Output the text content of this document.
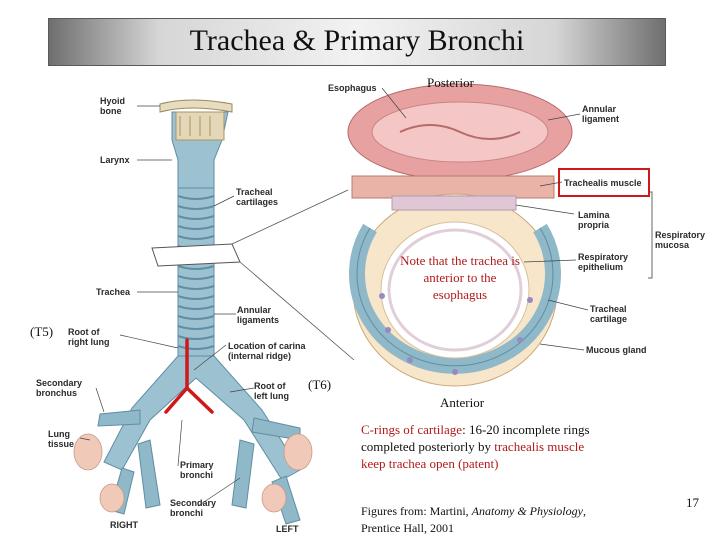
Trachea & Primary Bronchi
Hyoid
bone
Larynx
Tracheal
cartilages
Trachea
Annular
ligaments
Root of
right lung	Location of carina
(internal ridge)
Secondary
bronchus
Root of
left lung
Lung
tissue
Primary
bronchi
Secondary
bronchi
RIGHT	LEFT
Esophagus
Annular
ligament
Trachealis muscle
Lamina
propria
Respiratory
mucosa
Respiratory
epithelium
Tracheal
cartilage
Mucous gland
Posterior
Anterior
(T5)
(T6)
Note that the trachea is anterior to the esophagus
C-rings of cartilage: 16-20 incomplete rings
completed posteriorly by trachealis muscle
keep trachea open (patent)
Figures from: Martini, Anatomy & Physiology,
Prentice Hall, 2001
17
